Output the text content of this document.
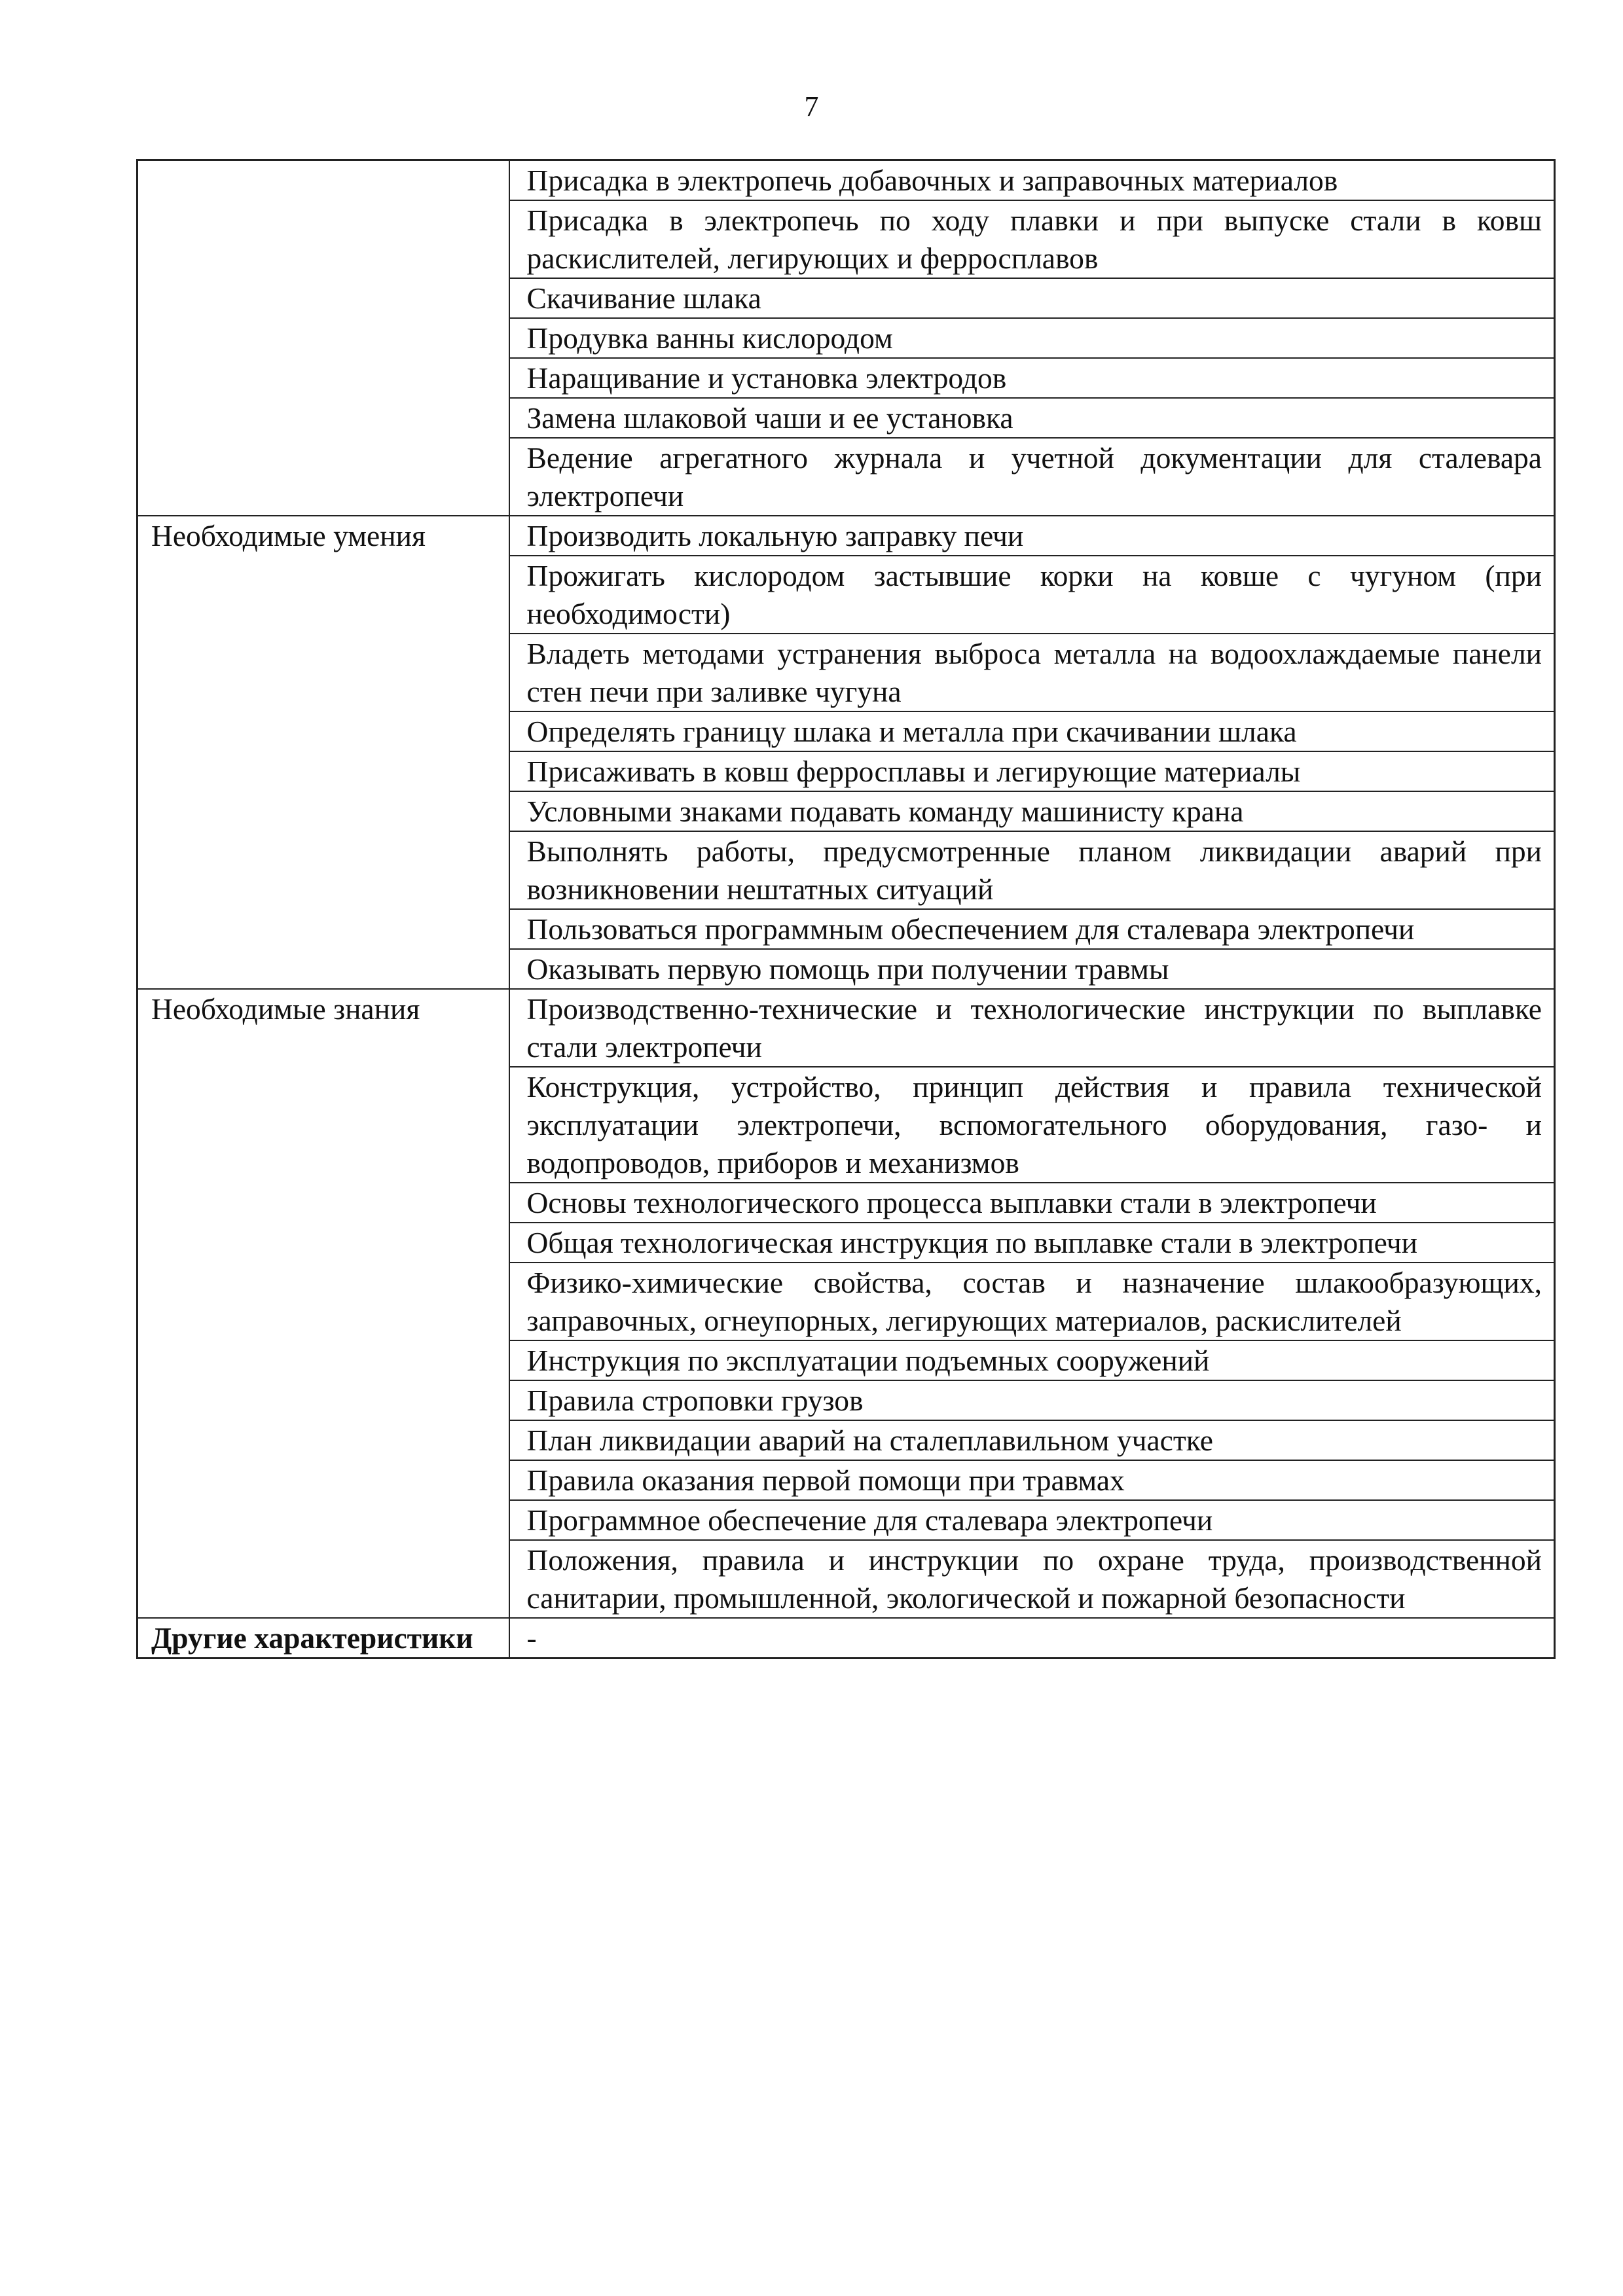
7
	Присадка в электропечь добавочных и заправочных материалов
	Присадка в электропечь по ходу плавки и при выпуске стали в ковш раскислителей, легирующих и ферросплавов
	Скачивание шлака
	Продувка ванны кислородом
	Наращивание и установка электродов
	Замена шлаковой чаши и ее установка
	Ведение агрегатного журнала и учетной документации для сталевара электропечи
Необходимые умения	Производить локальную заправку печи
	Прожигать кислородом застывшие корки на ковше с чугуном (при необходимости)
	Владеть методами устранения выброса металла на водоохлаждаемые панели стен печи при заливке чугуна
	Определять границу шлака и металла при скачивании шлака
	Присаживать в ковш ферросплавы и легирующие материалы
	Условными знаками подавать команду машинисту крана
	Выполнять работы, предусмотренные планом ликвидации аварий при возникновении нештатных ситуаций
	Пользоваться программным обеспечением для сталевара электропечи
	Оказывать первую помощь при получении травмы
Необходимые знания	Производственно-технические и технологические инструкции по выплавке стали электропечи
	Конструкция, устройство, принцип действия и правила технической эксплуатации электропечи, вспомогательного оборудования, газо- и водопроводов, приборов и механизмов
	Основы технологического процесса выплавки стали в электропечи
	Общая технологическая инструкция по выплавке стали в электропечи
	Физико-химические свойства, состав и назначение шлакообразующих, заправочных, огнеупорных, легирующих материалов, раскислителей
	Инструкция по эксплуатации подъемных сооружений
	Правила строповки грузов
	План ликвидации аварий на сталеплавильном участке
	Правила оказания первой помощи при травмах
	Программное обеспечение для сталевара электропечи
	Положения, правила и инструкции по охране труда, производственной санитарии, промышленной, экологической и пожарной безопасности
Другие характеристики	-
